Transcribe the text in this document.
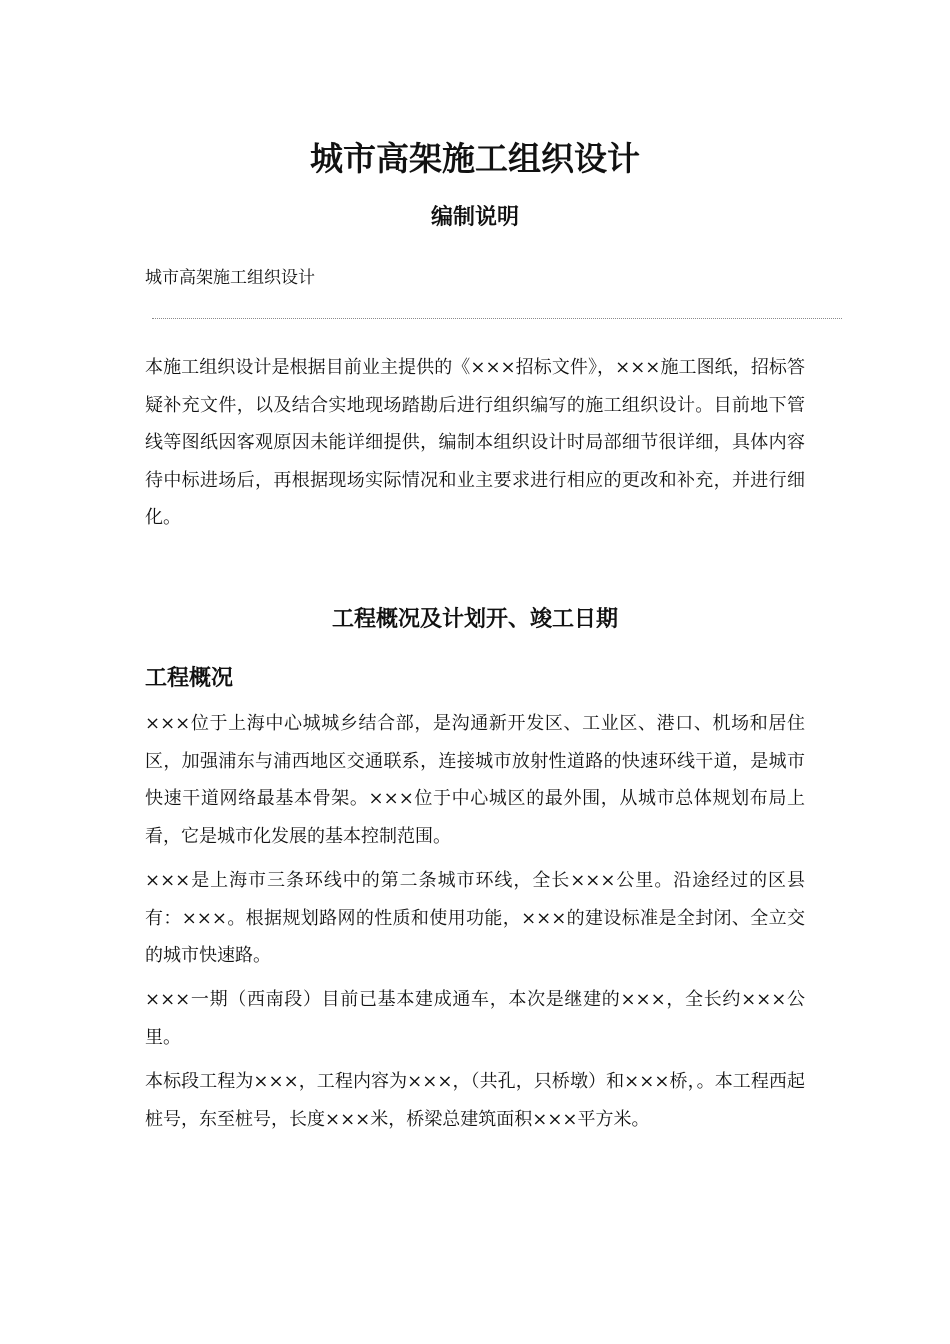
城市高架施工组织设计
编制说明

城市高架施工组织设计

本施工组织设计是根据目前业主提供的《×××招标文件》，×××施工图纸，招标答疑补充文件，以及结合实地现场踏勘后进行组织编写的施工组织设计。目前地下管线等图纸因客观原因未能详细提供，编制本组织设计时局部细节很详细，具体内容待中标进场后，再根据现场实际情况和业主要求进行相应的更改和补充，并进行细化。

工程概况及计划开、竣工日期
工程概况

×××位于上海中心城城乡结合部，是沟通新开发区、工业区、港口、机场和居住区，加强浦东与浦西地区交通联系，连接城市放射性道路的快速环线干道，是城市快速干道网络最基本骨架。×××位于中心城区的最外围，从城市总体规划布局上看，它是城市化发展的基本控制范围。

×××是上海市三条环线中的第二条城市环线，全长×××公里。沿途经过的区县有：×××。根据规划路网的性质和使用功能，×××的建设标准是全封闭、全立交的城市快速路。

×××一期（西南段）目前已基本建成通车，本次是继建的×××，全长约×××公里。

本标段工程为×××，工程内容为×××，（共孔，只桥墩）和×××桥，。本工程西起桩号，东至桩号，长度×××米，桥梁总建筑面积×××平方米。
